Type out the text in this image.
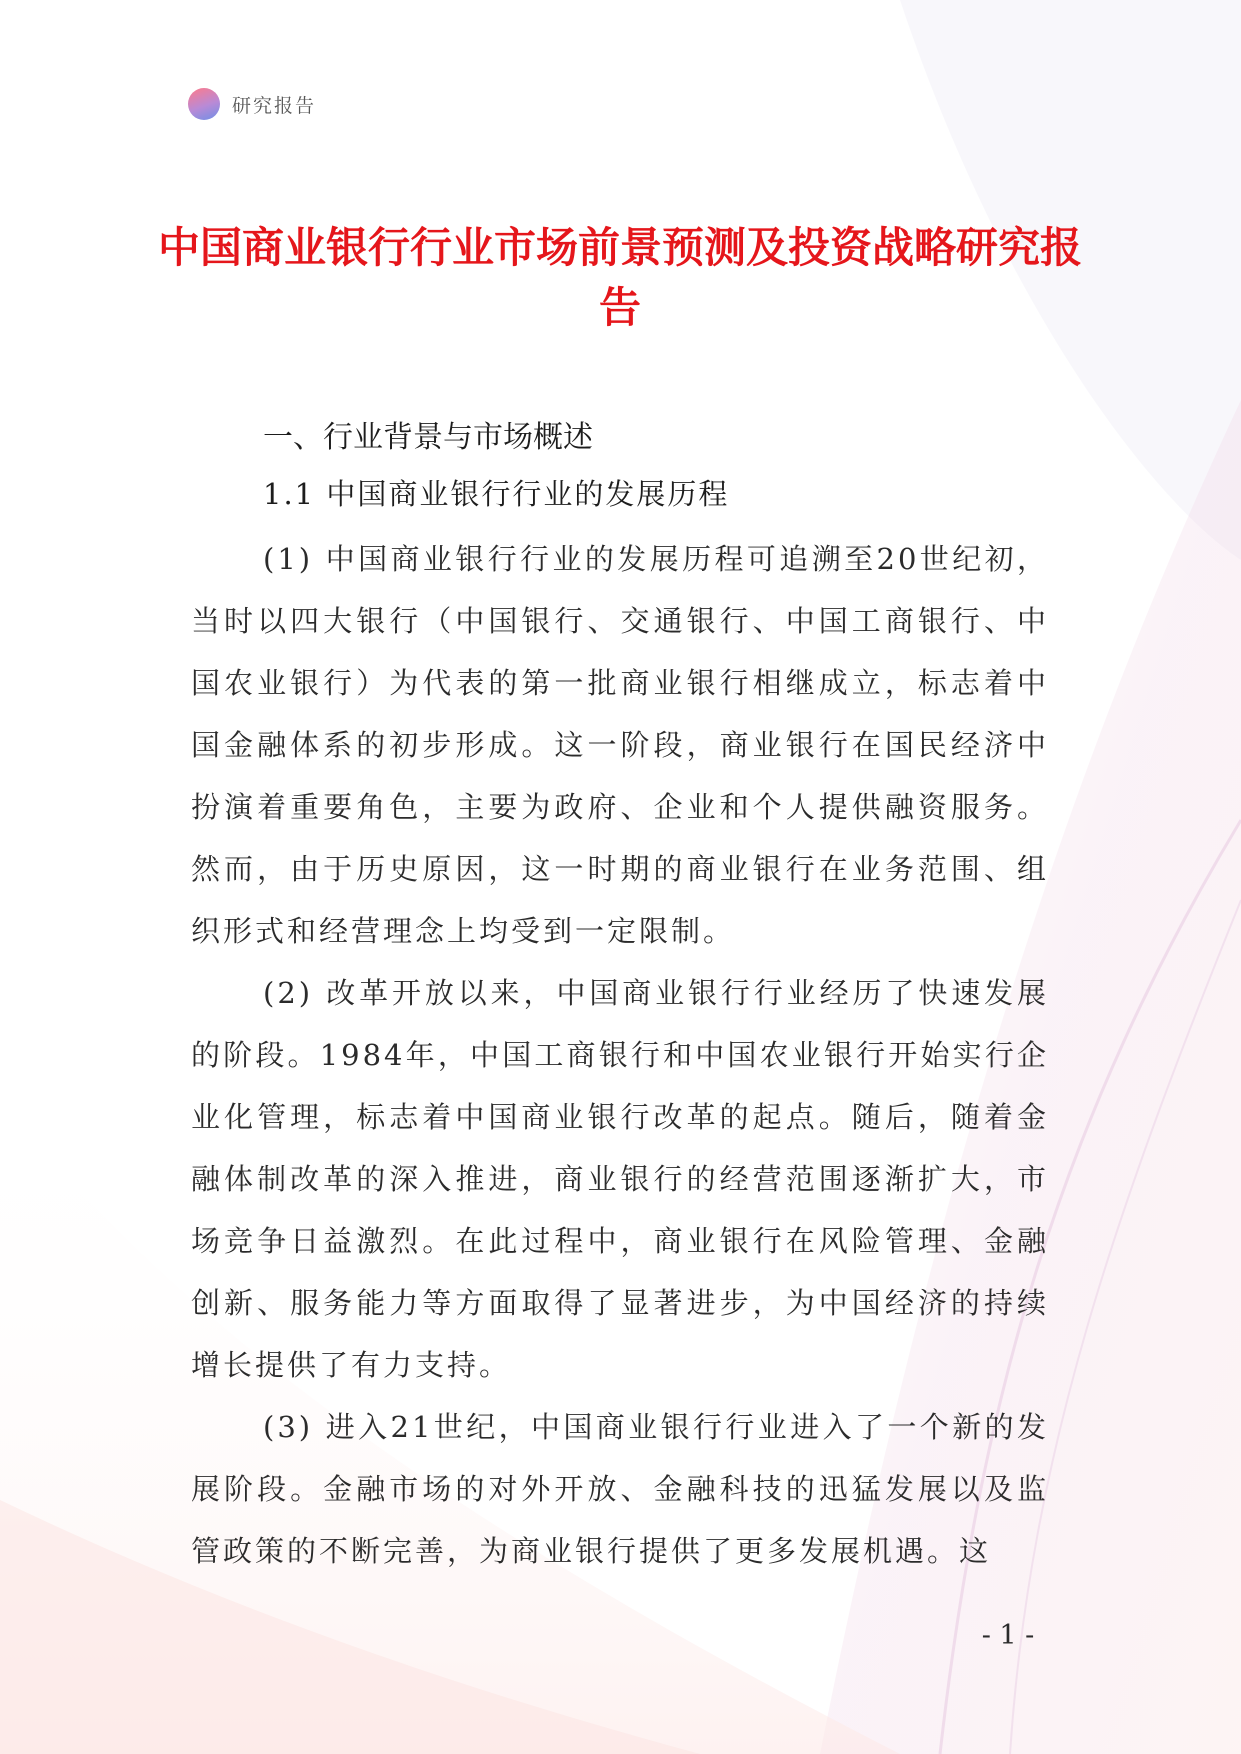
研究报告
中国商业银行行业市场前景预测及投资战略研究报告
一、行业背景与市场概述
1.1 中国商业银行行业的发展历程

(1) 中国商业银行行业的发展历程可追溯至20世纪初，当时以四大银行（中国银行、交通银行、中国工商银行、中国农业银行）为代表的第一批商业银行相继成立，标志着中国金融体系的初步形成。这一阶段，商业银行在国民经济中扮演着重要角色，主要为政府、企业和个人提供融资服务。然而，由于历史原因，这一时期的商业银行在业务范围、组织形式和经营理念上均受到一定限制。

(2) 改革开放以来，中国商业银行行业经历了快速发展的阶段。1984年，中国工商银行和中国农业银行开始实行企业化管理，标志着中国商业银行改革的起点。随后，随着金融体制改革的深入推进，商业银行的经营范围逐渐扩大，市场竞争日益激烈。在此过程中，商业银行在风险管理、金融创新、服务能力等方面取得了显著进步，为中国经济的持续增长提供了有力支持。

(3) 进入21世纪，中国商业银行行业进入了一个新的发展阶段。金融市场的对外开放、金融科技的迅猛发展以及监管政策的不断完善，为商业银行提供了更多发展机遇。这

- 1 -
